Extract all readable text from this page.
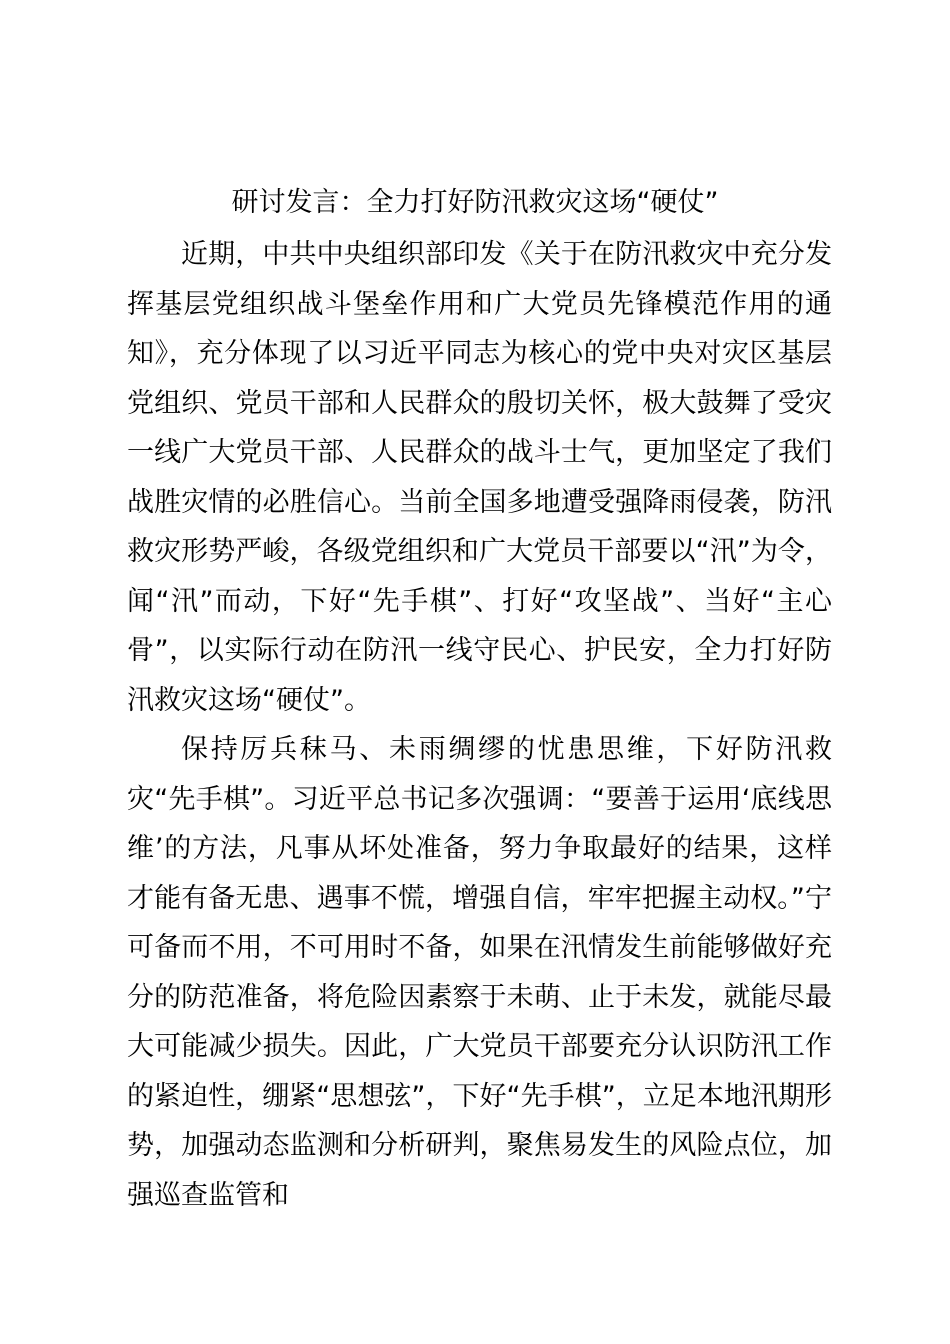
研讨发言：全力打好防汛救灾这场“硬仗”

近期，中共中央组织部印发《关于在防汛救灾中充分发挥基层党组织战斗堡垒作用和广大党员先锋模范作用的通知》，充分体现了以习近平同志为核心的党中央对灾区基层党组织、党员干部和人民群众的殷切关怀，极大鼓舞了受灾一线广大党员干部、人民群众的战斗士气，更加坚定了我们战胜灾情的必胜信心。当前全国多地遭受强降雨侵袭，防汛救灾形势严峻，各级党组织和广大党员干部要以“汛”为令，闻“汛”而动，下好“先手棋”、打好“攻坚战”、当好“主心骨”，以实际行动在防汛一线守民心、护民安，全力打好防汛救灾这场“硬仗”。

保持厉兵秣马、未雨绸缪的忧患思维，下好防汛救灾“先手棋”。习近平总书记多次强调：“要善于运用‘底线思维’的方法，凡事从坏处准备，努力争取最好的结果，这样才能有备无患、遇事不慌，增强自信，牢牢把握主动权。”宁可备而不用，不可用时不备，如果在汛情发生前能够做好充分的防范准备，将危险因素察于未萌、止于未发，就能尽最大可能减少损失。因此，广大党员干部要充分认识防汛工作的紧迫性，绷紧“思想弦”，下好“先手棋”，立足本地汛期形势，加强动态监测和分析研判，聚焦易发生的风险点位，加强巡查监管和
